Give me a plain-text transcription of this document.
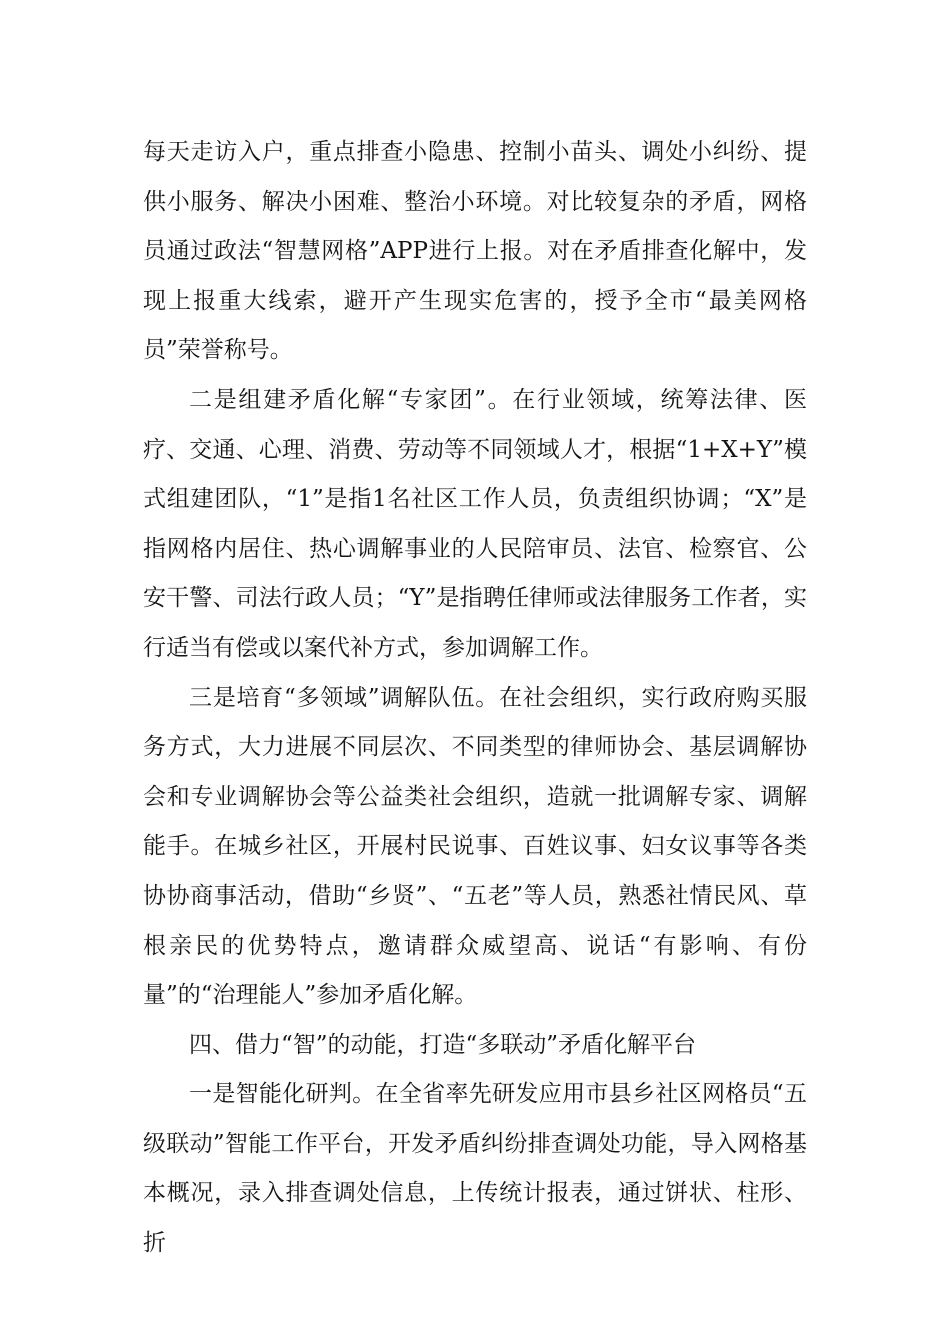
每天走访入户，重点排查小隐患、控制小苗头、调处小纠纷、提供小服务、解决小困难、整治小环境。对比较复杂的矛盾，网格员通过政法“智慧网格”APP进行上报。对在矛盾排查化解中，发现上报重大线索，避开产生现实危害的，授予全市“最美网格员”荣誉称号。

二是组建矛盾化解“专家团”。在行业领域，统筹法律、医疗、交通、心理、消费、劳动等不同领域人才，根据“1+X+Y”模式组建团队，“1”是指1名社区工作人员，负责组织协调；“X”是指网格内居住、热心调解事业的人民陪审员、法官、检察官、公安干警、司法行政人员；“Y”是指聘任律师或法律服务工作者，实行适当有偿或以案代补方式，参加调解工作。

三是培育“多领域”调解队伍。在社会组织，实行政府购买服务方式，大力进展不同层次、不同类型的律师协会、基层调解协会和专业调解协会等公益类社会组织，造就一批调解专家、调解能手。在城乡社区，开展村民说事、百姓议事、妇女议事等各类协协商事活动，借助“乡贤”、“五老”等人员，熟悉社情民风、草根亲民的优势特点，邀请群众威望高、说话“有影响、有份量”的“治理能人”参加矛盾化解。

四、借力“智”的动能，打造“多联动”矛盾化解平台

一是智能化研判。在全省率先研发应用市县乡社区网格员“五级联动”智能工作平台，开发矛盾纠纷排查调处功能，导入网格基本概况，录入排查调处信息，上传统计报表，通过饼状、柱形、折
